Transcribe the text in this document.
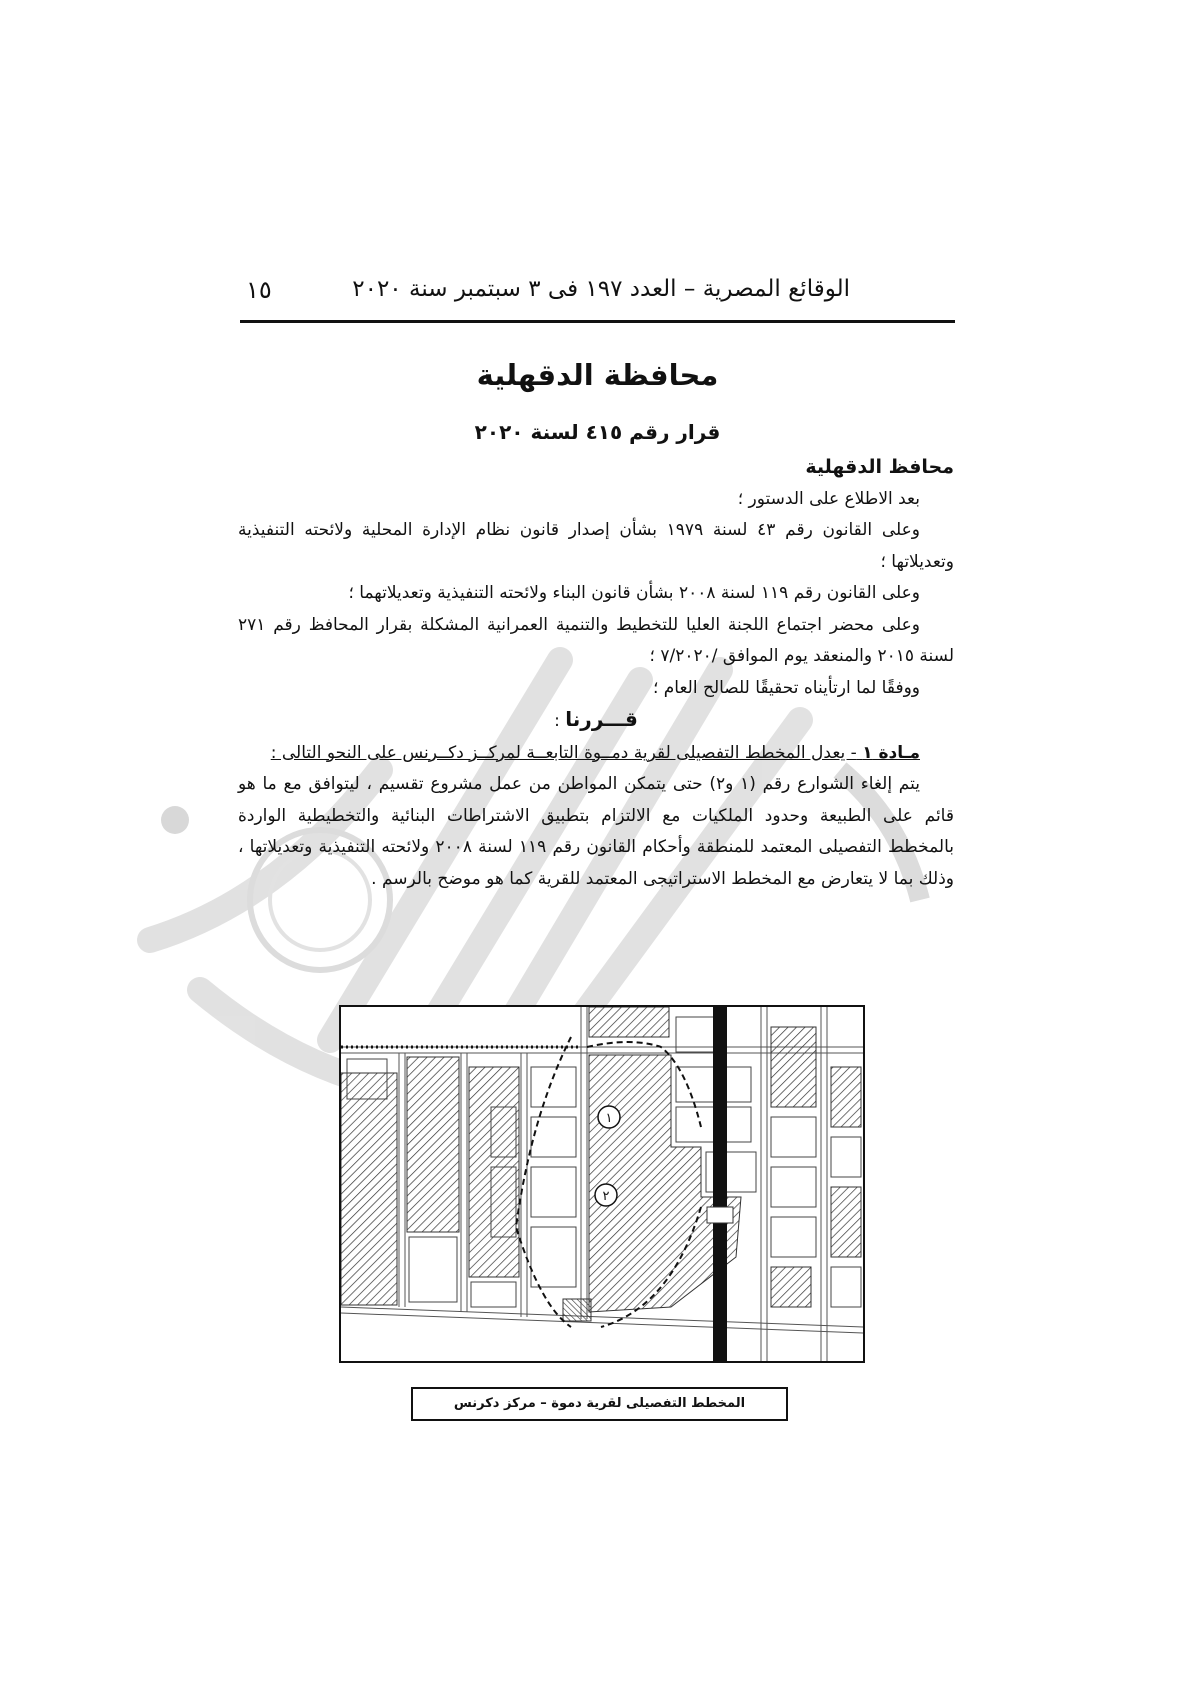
١٥	الوقائع المصرية – العدد ١٩٧ فى ٣ سبتمبر سنة ٢٠٢٠
محافظة الدقهلية
قرار رقم ٤١٥ لسنة ٢٠٢٠

محافظ الدقهلية

بعد الاطلاع على الدستور ؛

وعلى القانون رقم ٤٣ لسنة ١٩٧٩ بشأن إصدار قانون نظام الإدارة المحلية ولائحته التنفيذية وتعديلاتها ؛

وعلى القانون رقم ١١٩ لسنة ٢٠٠٨ بشأن قانون البناء ولائحته التنفيذية وتعديلاتهما ؛

وعلى محضر اجتماع اللجنة العليا للتخطيط والتنمية العمرانية المشكلة بقرار المحافظ رقم ٢٧١ لسنة ٢٠١٥ والمنعقد يوم الموافق /٧/٢٠٢٠ ؛

ووفقًا لما ارتأيناه تحقيقًا للصالح العام ؛

قـــررنا :

مـادة ١ - يعدل المخطط التفصيلى لقرية دمــوة التابعــة لمركــز دكــرنس على النحو التالى :

يتم إلغاء الشوارع رقم (١ و٢) حتى يتمكن المواطن من عمل مشروع تقسيم ، ليتوافق مع ما هو قائم على الطبيعة وحدود الملكيات مع الالتزام بتطبيق الاشتراطات البنائية والتخطيطية الواردة بالمخطط التفصيلى المعتمد للمنطقة وأحكام القانون رقم ١١٩ لسنة ٢٠٠٨ ولائحته التنفيذية وتعديلاتها ، وذلك بما لا يتعارض مع المخطط الاستراتيجى المعتمد للقرية كما هو موضح بالرسم .

١
٢
المخطط التفصيلى لقرية دموة – مركز دكرنس
